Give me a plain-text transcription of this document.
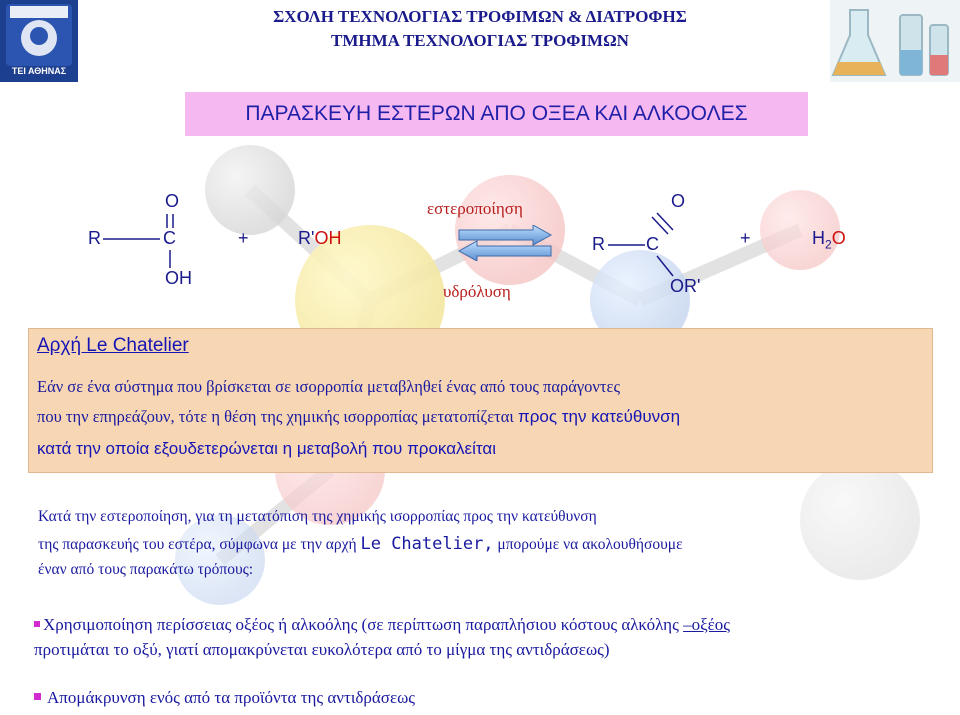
ΤΕΙ ΑΘΗΝΑΣ
ΣΧΟΛΗ ΤΕΧΝΟΛΟΓΙΑΣ ΤΡΟΦΙΜΩΝ & ΔΙΑΤΡΟΦΗΣ
ΤΜΗΜΑ ΤΕΧΝΟΛΟΓΙΑΣ ΤΡΟΦΙΜΩΝ
ΠΑΡΑΣΚΕΥΗ ΕΣΤΕΡΩΝ ΑΠΟ ΟΞΕΑ ΚΑΙ ΑΛΚΟΟΛΕΣ
R	C
O
OH
+	R'OH
εστεροποίηση
υδρόλυση
R C
O
OR'
+	$H_2O$
Αρχή Le Chatelier
Εάν σε ένα σύστημα που βρίσκεται σε ισορροπία μεταβληθεί ένας από τους παράγοντες
που την επηρεάζουν, τότε η θέση της χημικής ισορροπίας μετατοπίζεται προς την κατεύθυνση
κατά την οποία εξουδετερώνεται η μεταβολή που προκαλείται
Κατά την εστεροποίηση, για τη μετατόπιση της χημικής ισορροπίας προς την κατεύθυνση
της παρασκευής του εστέρα, σύμφωνα με την αρχή Le Chatelier, μπορούμε να ακολουθήσουμε
έναν από τους παρακάτω τρόπους:
Χρησιμοποίηση περίσσειας οξέος ή αλκοόλης (σε περίπτωση παραπλήσιου κόστους αλκόλης –οξέος
προτιμάται το οξύ, γιατί απομακρύνεται ευκολότερα από το μίγμα της αντιδράσεως)
Απομάκρυνση ενός από τα προϊόντα της αντιδράσεως
